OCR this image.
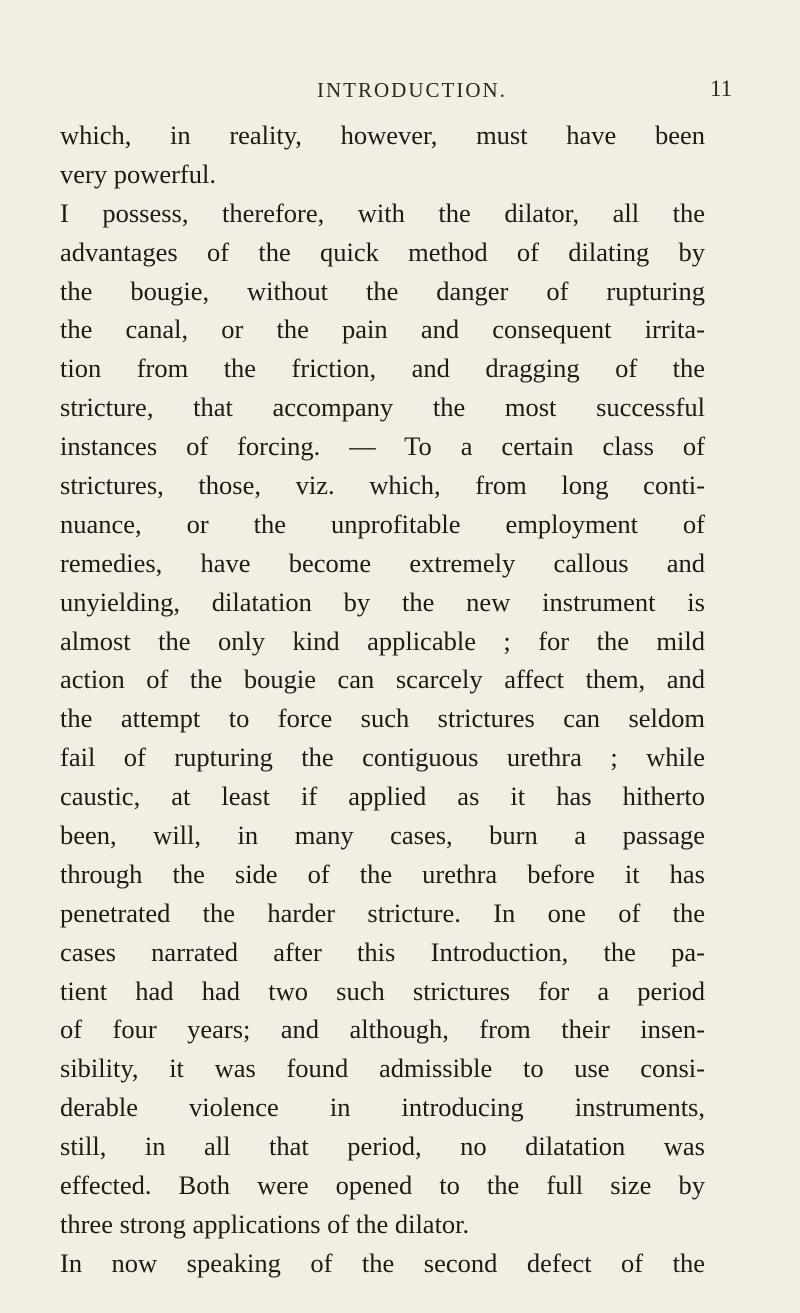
INTRODUCTION.	11
which, in reality, however, must have been
very powerful.
I possess, therefore, with the dilator, all the
advantages of the quick method of dilating by
the bougie, without the danger of rupturing
the canal, or the pain and consequent irrita-
tion from the friction, and dragging of the
stricture, that accompany the most successful
instances of forcing. — To a certain class of
strictures, those, viz. which, from long conti-
nuance, or the unprofitable employment of
remedies, have become extremely callous and
unyielding, dilatation by the new instrument is
almost the only kind applicable ; for the mild
action of the bougie can scarcely affect them, and
the attempt to force such strictures can seldom
fail of rupturing the contiguous urethra ; while
caustic, at least if applied as it has hitherto
been, will, in many cases, burn a passage
through the side of the urethra before it has
penetrated the harder stricture. In one of the
cases narrated after this Introduction, the pa-
tient had had two such strictures for a period
of four years; and although, from their insen-
sibility, it was found admissible to use consi-
derable violence in introducing instruments,
still, in all that period, no dilatation was
effected. Both were opened to the full size by
three strong applications of the dilator.
In now speaking of the second defect of the
